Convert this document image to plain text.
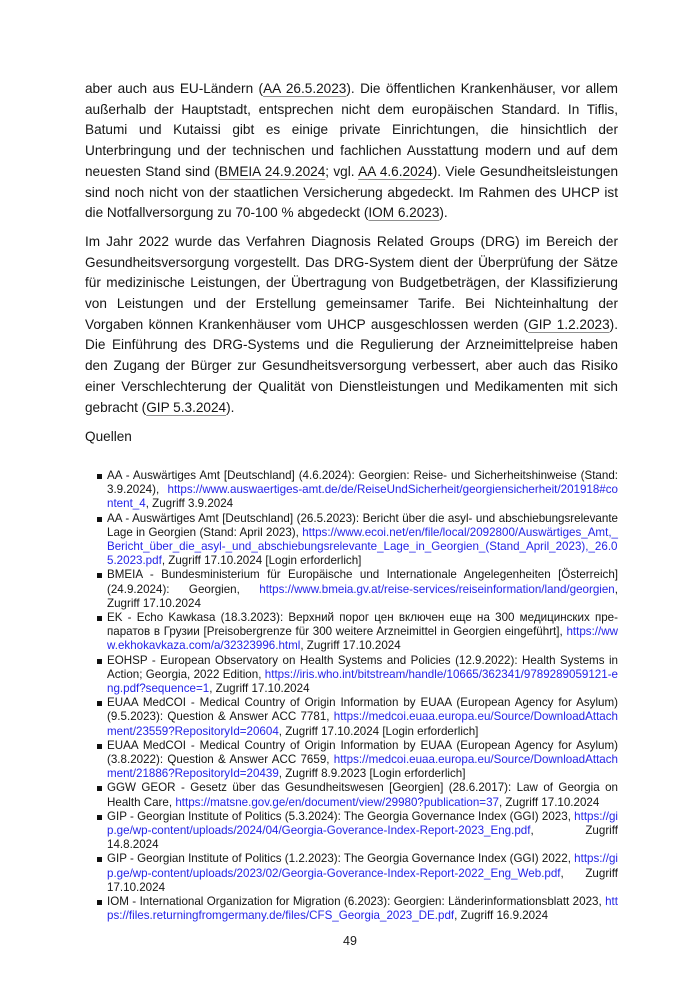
aber auch aus EU-Ländern (AA 26.5.2023). Die öffentlichen Krankenhäuser, vor allem außerhalb der Hauptstadt, entsprechen nicht dem europäischen Standard. In Tiflis, Batumi und Kutaissi gibt es einige private Einrichtungen, die hinsichtlich der Unterbringung und der technischen und fachlichen Ausstattung modern und auf dem neuesten Stand sind (BMEIA 24.9.2024; vgl. AA 4.6.2024). Viele Gesundheitsleistungen sind noch nicht von der staatlichen Versicherung abgedeckt. Im Rahmen des UHCP ist die Notfallversorgung zu 70-100 % abgedeckt (IOM 6.2023).

Im Jahr 2022 wurde das Verfahren Diagnosis Related Groups (DRG) im Bereich der Gesundheitsversorgung vorgestellt. Das DRG-System dient der Überprüfung der Sätze für medizinische Leistungen, der Übertragung von Budgetbeträgen, der Klassifizierung von Leistungen und der Erstellung gemeinsamer Tarife. Bei Nichteinhaltung der Vorgaben können Krankenhäuser vom UHCP ausgeschlossen werden (GIP 1.2.2023). Die Einführung des DRG-Systems und die Regulierung der Arzneimittelpreise haben den Zugang der Bürger zur Gesundheitsversorgung verbessert, aber auch das Risiko einer Verschlechterung der Qualität von Dienstleistungen und Medikamenten mit sich gebracht (GIP 5.3.2024).

Quellen

AA - Auswärtiges Amt [Deutschland] (4.6.2024): Georgien: Reise- und Sicherheitshinweise (Stand: 3.9.2024), https://www.auswaertiges-amt.de/de/ReiseUndSicherheit/georgiensicherheit/201918#content_4, Zugriff 3.9.2024
AA - Auswärtiges Amt [Deutschland] (26.5.2023): Bericht über die asyl- und abschiebungsrelevante Lage in Georgien (Stand: April 2023), https://www.ecoi.net/en/file/local/2092800/Auswärtiges_Amt,_Bericht_über_die_asyl-_und_abschiebungsrelevante_Lage_in_Georgien_(Stand_April_2023),_26.05.2023.pdf, Zugriff 17.10.2024 [Login erforderlich]
BMEIA - Bundesministerium für Europäische und Internationale Angelegenheiten [Österreich] (24.9.2024): Georgien, https://www.bmeia.gv.at/reise-services/reiseinformation/land/georgien, Zugriff 17.10.2024
EK - Echo Kawkasa (18.3.2023): Верхний порог цен включен еще на 300 медицинских препаратов в Грузии [Preisobergrenze für 300 weitere Arzneimittel in Georgien eingeführt], https://www.ekhokavkaza.com/a/32323996.html, Zugriff 17.10.2024
EOHSP - European Observatory on Health Systems and Policies (12.9.2022): Health Systems in Action; Georgia, 2022 Edition, https://iris.who.int/bitstream/handle/10665/362341/9789289059121-eng.pdf?sequence=1, Zugriff 17.10.2024
EUAA MedCOI - Medical Country of Origin Information by EUAA (European Agency for Asylum) (9.5.2023): Question & Answer ACC 7781, https://medcoi.euaa.europa.eu/Source/DownloadAttachment/23559?RepositoryId=20604, Zugriff 17.10.2024 [Login erforderlich]
EUAA MedCOI - Medical Country of Origin Information by EUAA (European Agency for Asylum) (3.8.2022): Question & Answer ACC 7659, https://medcoi.euaa.europa.eu/Source/DownloadAttachment/21886?RepositoryId=20439, Zugriff 8.9.2023 [Login erforderlich]
GGW GEOR - Gesetz über das Gesundheitswesen [Georgien] (28.6.2017): Law of Georgia on Health Care, https://matsne.gov.ge/en/document/view/29980?publication=37, Zugriff 17.10.2024
GIP - Georgian Institute of Politics (5.3.2024): The Georgia Governance Index (GGI) 2023, https://gip.ge/wp-content/uploads/2024/04/Georgia-Goverance-Index-Report-2023_Eng.pdf, Zugriff 14.8.2024
GIP - Georgian Institute of Politics (1.2.2023): The Georgia Governance Index (GGI) 2022, https://gip.ge/wp-content/uploads/2023/02/Georgia-Goverance-Index-Report-2022_Eng_Web.pdf, Zugriff 17.10.2024
IOM - International Organization for Migration (6.2023): Georgien: Länderinformationsblatt 2023, https://files.returningfromgermany.de/files/CFS_Georgia_2023_DE.pdf, Zugriff 16.9.2024
49
